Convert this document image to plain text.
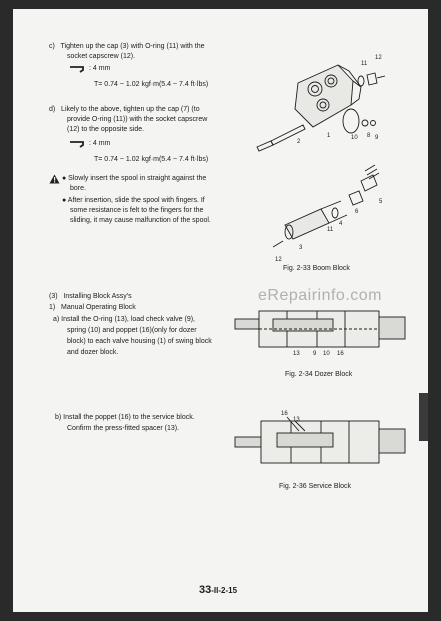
c)   Tighten up the cap (3) with O-ring (11) with the
socket capscrew (12).
: 4 mm
T= 0.74 ~ 1.02 kgf·m(5.4 ~ 7.4 ft·lbs)
d)   Likely to the above, tighten up the cap (7) (to
provide O-ring (11)) with the socket capscrew
(12) to the opposite side.
: 4 mm
T= 0.74 ~ 1.02 kgf·m(5.4 ~ 7.4 ft·lbs)
● Slowly insert the spool in straight against the
bore.
● After insertion, slide the spool with fingers. If
some resistance is felt to the fingers for the
sliding, it may cause malfunction of the spool.
11
12
2
1	10 8 9
5
6
4
3
11
12
Fig. 2-33 Boom Block
(3)   Installing Block Assy's
1)   Manual Operating Block
a) Install the O-ring (13), load check valve (9),
spring (10) and poppet (16)(only for dozer
block) to each valve housing (1) of swing block
and dozer block.
eRepairinfo.com
13 9 10 16
Fig. 2-34 Dozer Block
b) Install the poppet (16) to the service block.
Confirm the press-fitted spacer (13).
16
13
Fig. 2-36 Service Block
33-II-2-15
